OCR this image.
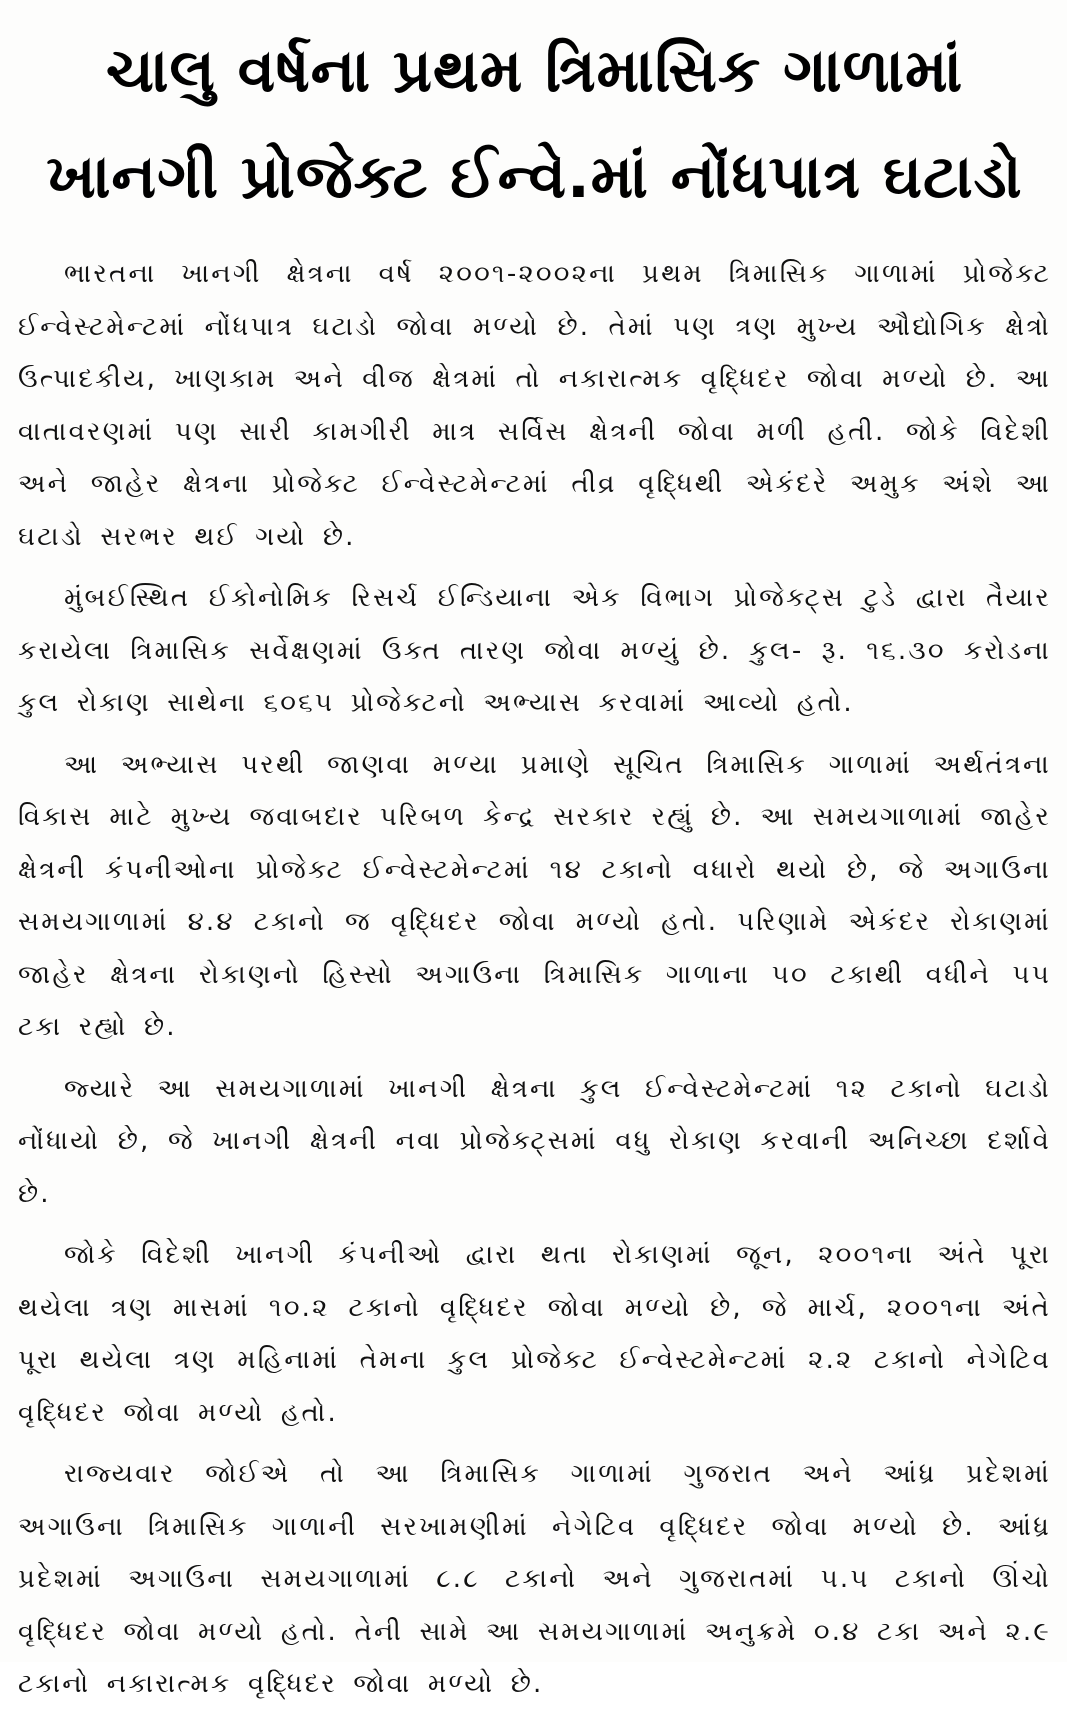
ચાલુ વર્ષના પ્રથમ ત્રિમાસિક ગાળામાં
ખાનગી પ્રોજેક્ટ ઈન્વે.માં નોંધપાત્ર ઘટાડો

ભારતના ખાનગી ક્ષેત્રના વર્ષ ૨૦૦૧-૨૦૦૨ના પ્રથમ ત્રિમાસિક ગાળામાં પ્રોજેક્ટ ઈન્વેસ્ટમેન્ટમાં નોંધપાત્ર ઘટાડો જોવા મળ્યો છે. તેમાં પણ ત્રણ મુખ્ય ઔદ્યોગિક ક્ષેત્રો ઉત્પાદકીય, ખાણકામ અને વીજ ક્ષેત્રમાં તો નકારાત્મક વૃદ્ધિદર જોવા મળ્યો છે. આ વાતાવરણમાં પણ સારી કામગીરી માત્ર સર્વિસ ક્ષેત્રની જોવા મળી હતી. જોકે વિદેશી અને જાહેર ક્ષેત્રના પ્રોજેક્ટ ઈન્વેસ્ટમેન્ટમાં તીવ્ર વૃદ્ધિથી એકંદરે અમુક અંશે આ ઘટાડો સરભર થઈ ગયો છે.

મુંબઈસ્થિત ઈકોનોમિક રિસર્ચ ઈન્ડિયાના એક વિભાગ પ્રોજેક્ટ્સ ટુડે દ્વારા તૈયાર કરાયેલા ત્રિમાસિક સર્વેક્ષણમાં ઉક્ત તારણ જોવા મળ્યું છે. કુલ- રૂ. ૧૬.૩૦ કરોડના કુલ રોકાણ સાથેના ૬૦૬૫ પ્રોજેક્ટનો અભ્યાસ કરવામાં આવ્યો હતો.

આ અભ્યાસ પરથી જાણવા મળ્યા પ્રમાણે સૂચિત ત્રિમાસિક ગાળામાં અર્થતંત્રના વિકાસ માટે મુખ્ય જવાબદાર પરિબળ કેન્દ્ર સરકાર રહ્યું છે. આ સમયગાળામાં જાહેર ક્ષેત્રની કંપનીઓના પ્રોજેક્ટ ઈન્વેસ્ટમેન્ટમાં ૧૪ ટકાનો વધારો થયો છે, જે અગાઉના સમયગાળામાં ૪.૪ ટકાનો જ વૃદ્ધિદર જોવા મળ્યો હતો. પરિણામે એકંદર રોકાણમાં જાહેર ક્ષેત્રના રોકાણનો હિસ્સો અગાઉના ત્રિમાસિક ગાળાના ૫૦ ટકાથી વધીને ૫૫ ટકા રહ્યો છે.

જ્યારે આ સમયગાળામાં ખાનગી ક્ષેત્રના કુલ ઈન્વેસ્ટમેન્ટમાં ૧૨ ટકાનો ઘટાડો નોંધાયો છે, જે ખાનગી ક્ષેત્રની નવા પ્રોજેક્ટ્સમાં વધુ રોકાણ કરવાની અનિચ્છા દર્શાવે છે.

જોકે વિદેશી ખાનગી કંપનીઓ દ્વારા થતા રોકાણમાં જૂન, ૨૦૦૧ના અંતે પૂરા થયેલા ત્રણ માસમાં ૧૦.૨ ટકાનો વૃદ્ધિદર જોવા મળ્યો છે, જે માર્ચ, ૨૦૦૧ના અંતે પૂરા થયેલા ત્રણ મહિનામાં તેમના કુલ પ્રોજેક્ટ ઈન્વેસ્ટમેન્ટમાં ૨.૨ ટકાનો નેગેટિવ વૃદ્ધિદર જોવા મળ્યો હતો.

રાજ્યવાર જોઈએ તો આ ત્રિમાસિક ગાળામાં ગુજરાત અને આંધ્ર પ્રદેશમાં અગાઉના ત્રિમાસિક ગાળાની સરખામણીમાં નેગેટિવ વૃદ્ધિદર જોવા મળ્યો છે. આંધ્ર પ્રદેશમાં અગાઉના સમયગાળામાં ૮.૮ ટકાનો અને ગુજરાતમાં ૫.૫ ટકાનો ઊંચો વૃદ્ધિદર જોવા મળ્યો હતો. તેની સામે આ સમયગાળામાં અનુક્રમે ૦.૪ ટકા અને ૨.૯ ટકાનો નકારાત્મક વૃદ્ધિદર જોવા મળ્યો છે.
